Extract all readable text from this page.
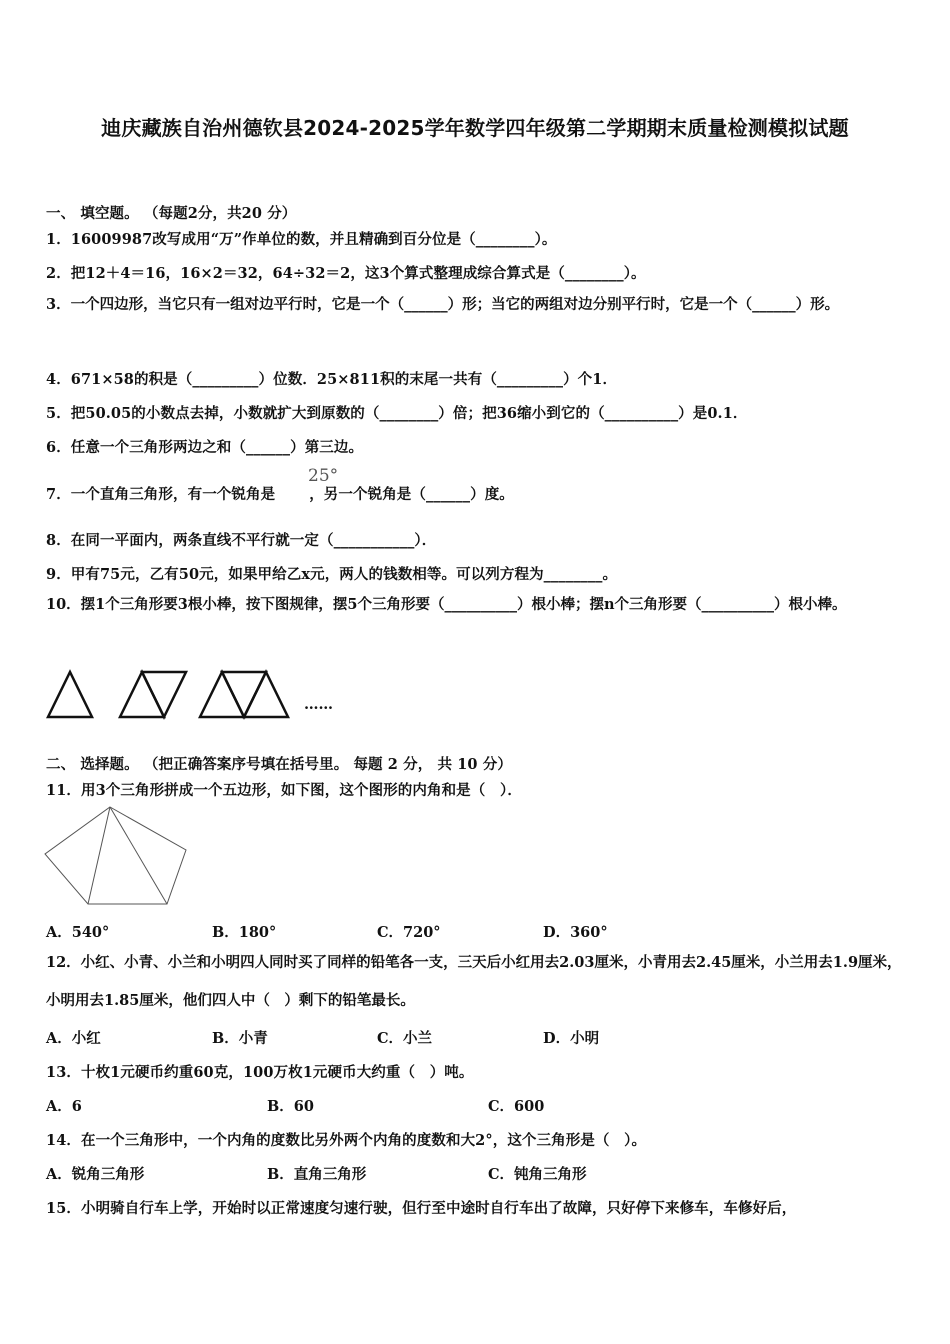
迪庆藏族自治州德钦县2024-2025学年数学四年级第二学期期末质量检测模拟试题
一、 填空题。 （每题2分，共20 分）
1．16009987改写成用“万”作单位的数，并且精确到百分位是（________）。
2．把12＋4＝16，16×2＝32，64÷32＝2，这3个算式整理成综合算式是（________）。
3．一个四边形，当它只有一组对边平行时，它是一个（______）形；当它的两组对边分别平行时，它是一个（______）形。
4．671×58的积是（_________）位数．25×811积的末尾一共有（_________）个1．
5．把50.05的小数点去掉，小数就扩大到原数的（________）倍；把36缩小到它的（__________）是0.1．
6．任意一个三角形两边之和（______）第三边。
7．一个直角三角形，有一个锐角是 ，另一个锐角是（______）度。
25°
8．在同一平面内，两条直线不平行就一定（___________）．
9．甲有75元，乙有50元，如果甲给乙x元，两人的钱数相等。可以列方程为________。
10．摆1个三角形要3根小棒，按下图规律，摆5个三角形要（__________）根小棒；摆n个三角形要（__________）根小棒。
……
二、 选择题。 （把正确答案序号填在括号里。 每题 2 分， 共 10 分）
11．用3个三角形拼成一个五边形，如下图，这个图形的内角和是（　）．
A．540°	B．180°	C．720°	D．360°
12．小红、小青、小兰和小明四人同时买了同样的铅笔各一支，三天后小红用去2.03厘米，小青用去2.45厘米，小兰用去1.9厘米，小明用去1.85厘米，他们四人中（　）剩下的铅笔最长。
A．小红	B．小青	C．小兰	D．小明
13．十枚1元硬币约重60克，100万枚1元硬币大约重（　）吨。
A．6	B．60	C．600
14．在一个三角形中，一个内角的度数比另外两个内角的度数和大2°，这个三角形是（　）。
A．锐角三角形	B．直角三角形	C．钝角三角形
15．小明骑自行车上学，开始时以正常速度匀速行驶，但行至中途时自行车出了故障，只好停下来修车，车修好后，
